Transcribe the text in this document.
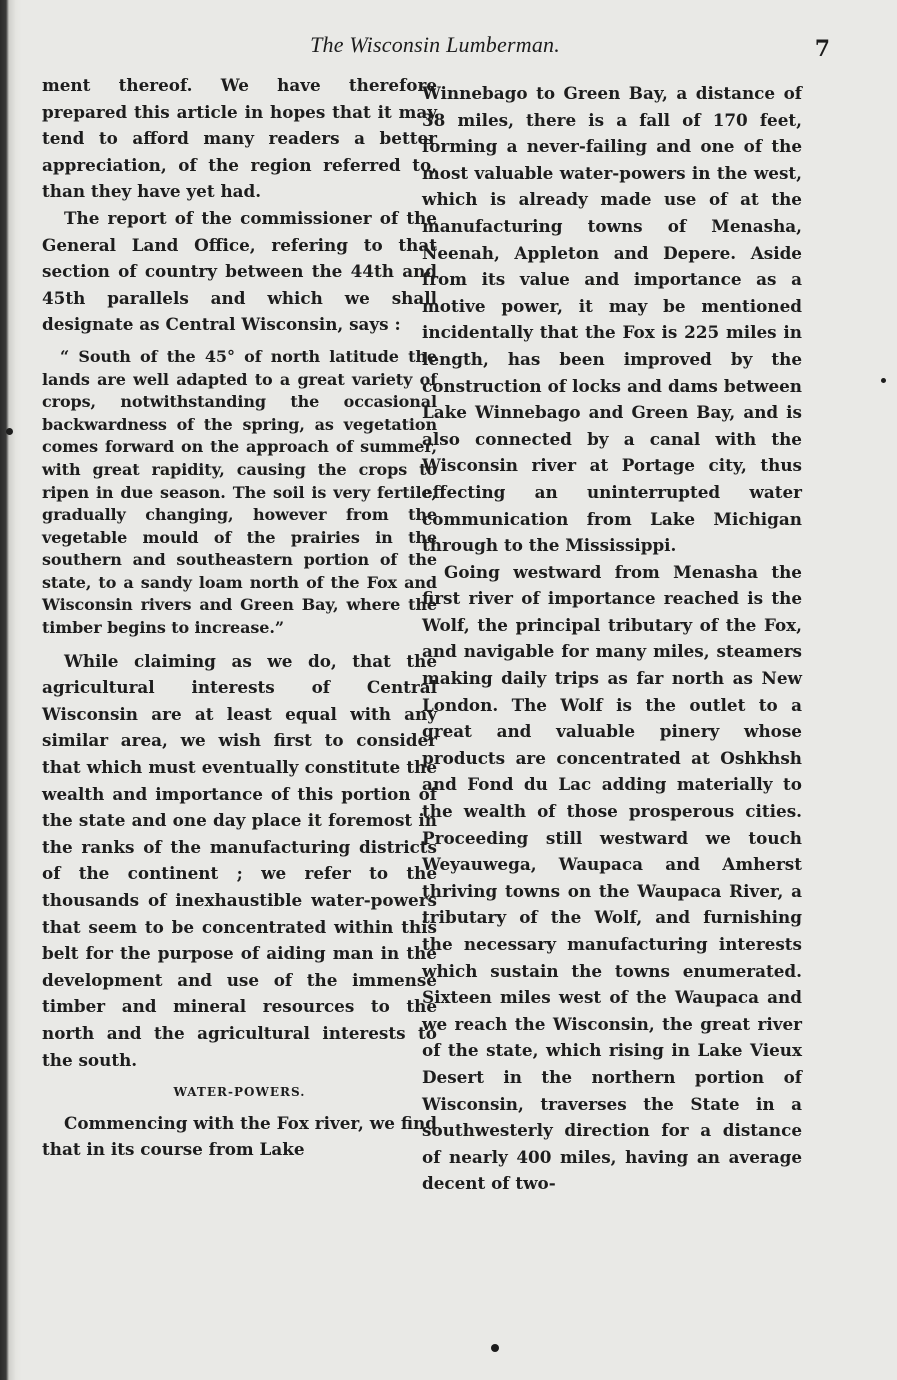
The Wisconsin Lumberman.	7

ment thereof. We have therefore prepared this article in hopes that it may tend to afford many readers a better appreciation, of the region referred to, than they have yet had.

The report of the commissioner of the General Land Office, refering to that section of country between the 44th and 45th parallels and which we shall designate as Central Wisconsin, says :

“ South of the 45° of north latitude the lands are well adapted to a great variety of crops, notwithstanding the occasional backwardness of the spring, as vegetation comes forward on the approach of summer, with great rapidity, causing the crops to ripen in due season. The soil is very fertile, gradually changing, however from the vegetable mould of the prairies in the southern and southeastern portion of the state, to a sandy loam north of the Fox and Wisconsin rivers and Green Bay, where the timber begins to increase.”

While claiming as we do, that the agricultural interests of Central Wisconsin are at least equal with any similar area, we wish first to consider that which must eventually constitute the wealth and importance of this portion of the state and one day place it foremost in the ranks of the manufacturing districts of the continent ; we refer to the thousands of inexhaustible water-powers that seem to be concentrated within this belt for the purpose of aiding man in the development and use of the immense timber and mineral resources to the north and the agricultural interests to the south.

WATER-POWERS.

Commencing with the Fox river, we find that in its course from Lake

Winnebago to Green Bay, a distance of 38 miles, there is a fall of 170 feet, forming a never-failing and one of the most valuable water-powers in the west, which is already made use of at the manufacturing towns of Menasha, Neenah, Appleton and Depere. Aside from its value and importance as a motive power, it may be mentioned incidentally that the Fox is 225 miles in length, has been improved by the construction of locks and dams between Lake Winnebago and Green Bay, and is also connected by a canal with the Wisconsin river at Portage city, thus effecting an uninterrupted water communication from Lake Michigan through to the Mississippi.

Going westward from Menasha the first river of importance reached is the Wolf, the principal tributary of the Fox, and navigable for many miles, steamers making daily trips as far north as New London. The Wolf is the outlet to a great and valuable pinery whose products are concentrated at Oshkhsh and Fond du Lac adding materially to the wealth of those prosperous cities. Proceeding still westward we touch Weyauwega, Waupaca and Amherst thriving towns on the Waupaca River, a tributary of the Wolf, and furnishing the necessary manufacturing interests which sustain the towns enumerated. Sixteen miles west of the Waupaca and we reach the Wisconsin, the great river of the state, which rising in Lake Vieux Desert in the northern portion of Wisconsin, traverses the State in a southwesterly direction for a distance of nearly 400 miles, having an average decent of two-
